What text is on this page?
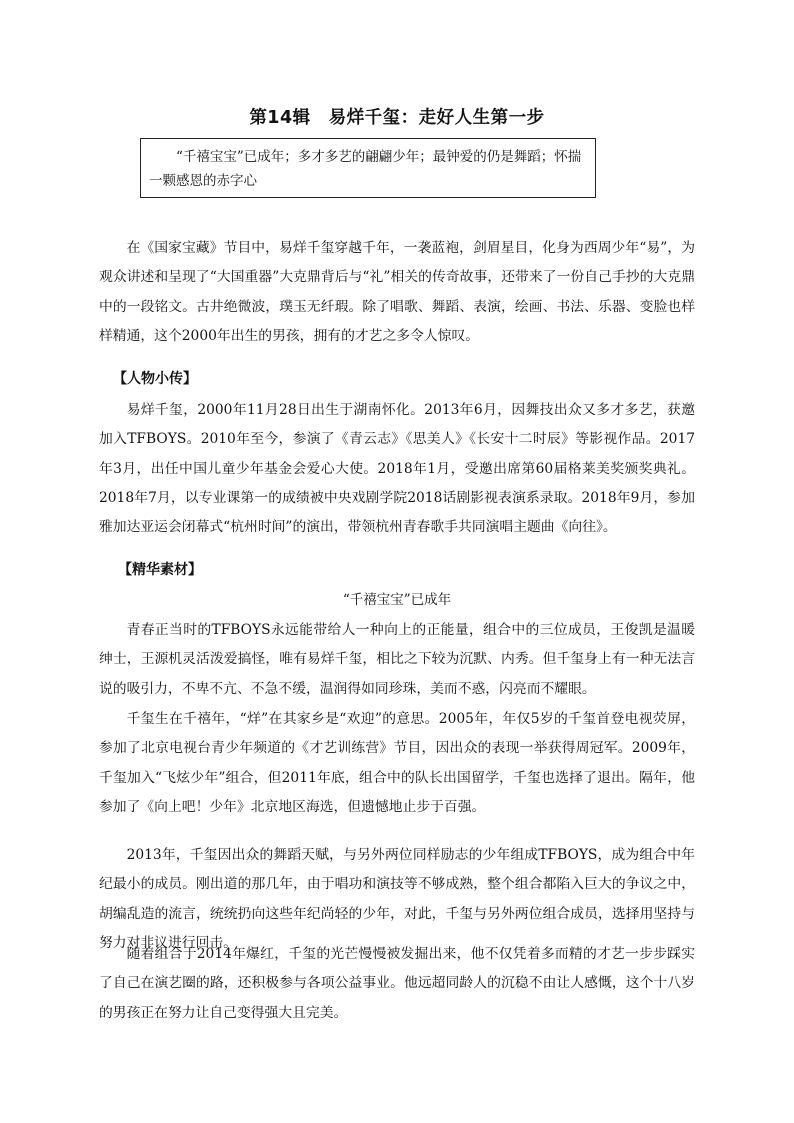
第14辑　易烊千玺：走好人生第一步
“千禧宝宝”已成年；多才多艺的翩翩少年；最钟爱的仍是舞蹈；怀揣一颗感恩的赤字心

在《国家宝藏》节目中，易烊千玺穿越千年，一袭蓝袍，剑眉星目，化身为西周少年“易”，为观众讲述和呈现了“大国重器”大克鼎背后与“礼”相关的传奇故事，还带来了一份自己手抄的大克鼎中的一段铭文。古井绝微波，璞玉无纤瑕。除了唱歌、舞蹈、表演，绘画、书法、乐器、变脸也样样精通，这个2000年出生的男孩，拥有的才艺之多令人惊叹。

【人物小传】

易烊千玺，2000年11月28日出生于湖南怀化。2013年6月，因舞技出众又多才多艺，获邀加入TFBOYS。2010年至今，参演了《青云志》《思美人》《长安十二时辰》等影视作品。2017年3月，出任中国儿童少年基金会爱心大使。2018年1月，受邀出席第60届格莱美奖颁奖典礼。2018年7月，以专业课第一的成绩被中央戏剧学院2018话剧影视表演系录取。2018年9月，参加雅加达亚运会闭幕式“杭州时间”的演出，带领杭州青春歌手共同演唱主题曲《向往》。

【精华素材】
“千禧宝宝”已成年

青春正当时的TFBOYS永远能带给人一种向上的正能量，组合中的三位成员，王俊凯是温暖绅士，王源机灵活泼爱搞怪，唯有易烊千玺，相比之下较为沉默、内秀。但千玺身上有一种无法言说的吸引力，不卑不亢、不急不缓，温润得如同珍珠，美而不惑，闪亮而不耀眼。

千玺生在千禧年，“烊”在其家乡是“欢迎”的意思。2005年，年仅5岁的千玺首登电视荧屏，参加了北京电视台青少年频道的《才艺训练营》节目，因出众的表现一举获得周冠军。2009年，千玺加入“飞炫少年”组合，但2011年底，组合中的队长出国留学，千玺也选择了退出。隔年，他参加了《向上吧！少年》北京地区海选，但遗憾地止步于百强。

2013年，千玺因出众的舞蹈天赋，与另外两位同样励志的少年组成TFBOYS，成为组合中年纪最小的成员。刚出道的那几年，由于唱功和演技等不够成熟，整个组合都陷入巨大的争议之中，胡编乱造的流言，统统扔向这些年纪尚轻的少年，对此，千玺与另外两位组合成员，选择用坚持与努力对非议进行回击。

随着组合于2014年爆红，千玺的光芒慢慢被发掘出来，他不仅凭着多而精的才艺一步步踩实了自己在演艺圈的路，还积极参与各项公益事业。他远超同龄人的沉稳不由让人感慨，这个十八岁的男孩正在努力让自己变得强大且完美。
